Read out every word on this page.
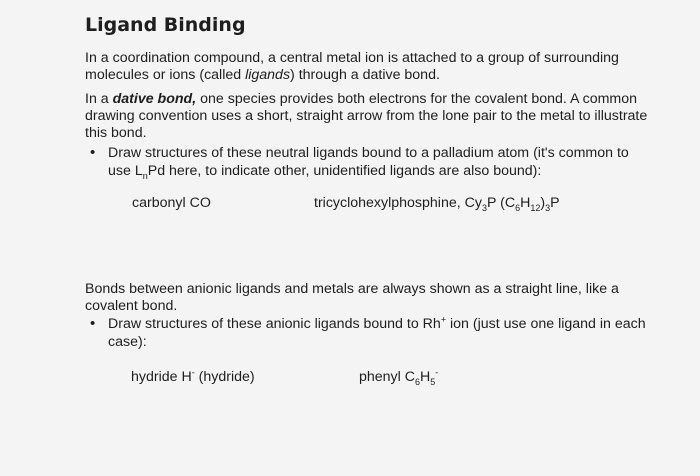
Ligand Binding
In a coordination compound, a central metal ion is attached to a group of surrounding molecules or ions (called ligands) through a dative bond.
In a dative bond, one species provides both electrons for the covalent bond. A common drawing convention uses a short, straight arrow from the lone pair to the metal to illustrate this bond.
• Draw structures of these neutral ligands bound to a palladium atom (it's common to use $L_nPd$ here, to indicate other, unidentified ligands are also bound):
carbonyl CO	tricyclohexylphosphine, $Cy_3P$ $(C_6H_{12})_3P$
Bonds between anionic ligands and metals are always shown as a straight line, like a covalent bond.
• Draw structures of these anionic ligands bound to Rh+ ion (just use one ligand in each case):
hydride H- (hydride)	phenyl $C_6H_5^-$
